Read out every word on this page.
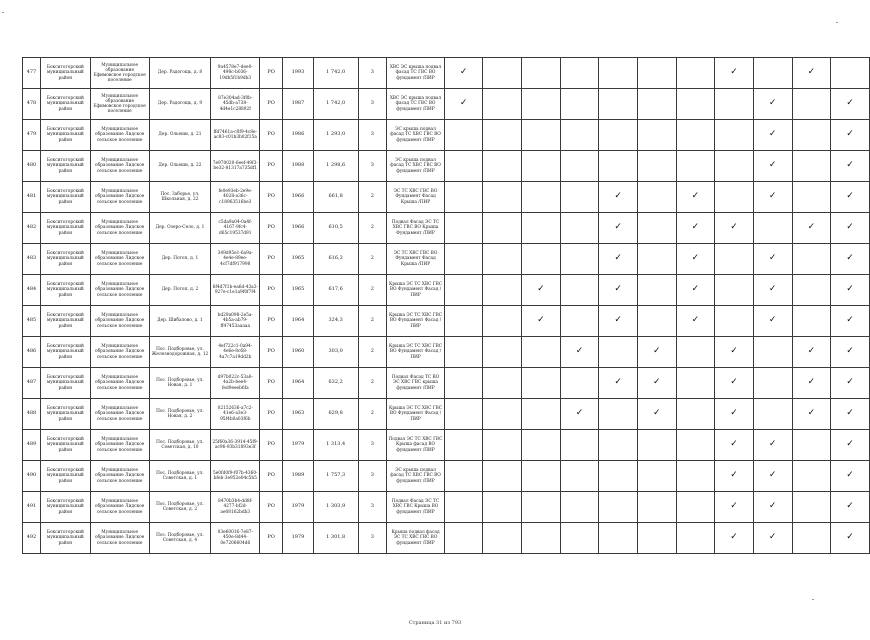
477	Бокситогорский муниципальный район	Муниципальное образование Ефимовское городское поселение	Дер. Радогощь, д. 8	9a4578e7-dee0-498c-b036-19db5f1b9db3	РО	1993	1 742,0	3	ХВС ЭС крыша подвал фасад ТС ГВС ВО фундамент /ПИР	✓							✓		✓	
478	Бокситогорский муниципальный район	Муниципальное образование Ефимовское городское поселение	Дер. Радогощь, д. 9	87e304ad-3f0b-45db-a738-4d4e1c28892f	РО	1987	1 742,0	3	ХВС ЭС крыша подвал фасад ТС ГВС ВО фундамент /ПИР	✓								✓		✓
479	Бокситогорский муниципальный район	Муниципальное образование Лидское сельское поселение	Дер. Ольеши, д. 21	ffd7461a-c0f9-4c8e-ac83-c01b3b02f15a	РО	1986	1 293,0	3	ЭС крыша подвал фасад ТС ХВС ГВС ВО фундамент /ПИР									✓		✓
480	Бокситогорский муниципальный район	Муниципальное образование Лидское сельское поселение	Дер. Ольеши, д. 22	7e970020-6eef-49f3-be32-81317a735df1	РО	1988	1 298,6	3	ЭС крыша подвал фасад ТС ХВС ГВС ВО фундамент /ПИР									✓		✓
481	Бокситогорский муниципальный район	Муниципальное образование Лидское сельское поселение	Пос. Заборье, ул. Школьная, д. 22	fe0e93eb-2e9e-4028-a36c-c18963516be3	РО	1966	661,8	2	ЭС ТС ХВС ГВС ВО Фундамент Фасад Крыша /ПИР					✓		✓		✓		✓
482	Бокситогорский муниципальный район	Муниципальное образование Лидское сельское поселение	Дер. Озеро-Село, д. 1	c5da9a04-0a4f-4167-9fc4-d65c19537d91	РО	1966	610,5	2	Подвал Фасад ЭС ТС ХВС ГВС ВО Крыша Фундамент /ПИР					✓		✓	✓		✓	✓
483	Бокситогорский муниципальный район	Муниципальное образование Лидское сельское поселение	Дер. Потоп, д. 1	349d95e1-6a9a-4e4e-89ee-4cf7df917998	РО	1965	616,3	2	ЭС ТС ХВС ГВС ВО Фундамент Фасад Крыша /ПИР					✓		✓		✓		✓
484	Бокситогорский муниципальный район	Муниципальное образование Лидское сельское поселение	Дер. Потоп, д. 2	6f4d7f1b-ea6d-43a3-927e-c1e1a9f0f7f4	РО	1965	617,6	2	Крыша ЭС ТС ХВС ГВС ВО Фундамент Фасад /ПИР			✓		✓		✓		✓		✓
485	Бокситогорский муниципальный район	Муниципальное образование Лидское сельское поселение	Дер. Шибалово, д. 1	bd29a098-2e5a-4b5a-ab79-ff47453aaaaa	РО	1964	324,3	2	Крыша ЭС ТС ХВС ГВС ВО Фундамент Фасад /ПИР			✓		✓		✓		✓		✓
486	Бокситогорский муниципальный район	Муниципальное образование Лидское сельское поселение	Пос. Подборовье, ул. Железнодорожная, д. 12	4ef722c1-0a94-4e6e-8c68-4a7c7a19dd2b	РО	1960	303,0	2	Крыша ЭС ТС ХВС ГВС ВО Фундамент Фасад /ПИР				✓		✓		✓		✓	✓
487	Бокситогорский муниципальный район	Муниципальное образование Лидское сельское поселение	Пос. Подборовье, ул. Новая, д. 1	d97b022c-53a6-4a2b-bee4-fed9eeeb6fa	РО	1964	632,2	2	Подвал Фасад ТС ВО ЭС ХВС ГВС крыша фундамент /ПИР					✓	✓		✓		✓	✓
488	Бокситогорский муниципальный район	Муниципальное образование Лидское сельское поселение	Пос. Подборовье, ул. Новая, д. 2	02152636-a7c2-41e6-a3e3-95f4b0a03f6b	РО	1963	629,8	2	Крыша ЭС ТС ХВС ГВС ВО Фундамент Фасад /ПИР				✓		✓		✓		✓	✓
489	Бокситогорский муниципальный район	Муниципальное образование Лидское сельское поселение	Пос. Подборовье, ул. Советская, д. 10	25f60a36-3914-45f9-ac96-93b31893e3f	РО	1979	1 313,4	3	Подвал ЭС ТС ХВС ГВС Крыша фасад ВО фундамент /ПИР								✓	✓		✓
490	Бокситогорский муниципальный район	Муниципальное образование Лидское сельское поселение	Пос. Подборовье, ул. Советская, д. 1	5e0fd0f9-f07b-4360-bfeb-3e952e04c5b5	РО	1989	1 757,3	3	ЭС крыша подвал фасад ТС ХВС ГВС ВО фундамент /ПИР								✓	✓		✓
491	Бокситогорский муниципальный район	Муниципальное образование Лидское сельское поселение	Пос. Подборовье, ул. Советская, д. 2	8470b3b4-dd8f-4277-bf2d-ae08162bdb3	РО	1979	1 303,9	3	Подвал Фасад ЭС ТС ХВС ГВС Крыша ВО фундамент /ПИР								✓	✓		✓
492	Бокситогорский муниципальный район	Муниципальное образование Лидское сельское поселение	Пос. Подборовье, ул. Советская, д. 4	03e60016-7e87-450e-8d44-0e7206604d6	РО	1979	1 301,8	3	Крыша подвал фасад ЭС ТС ХВС ГВС ВО фундамент /ПИР								✓	✓		✓
Страница 31 из 793
